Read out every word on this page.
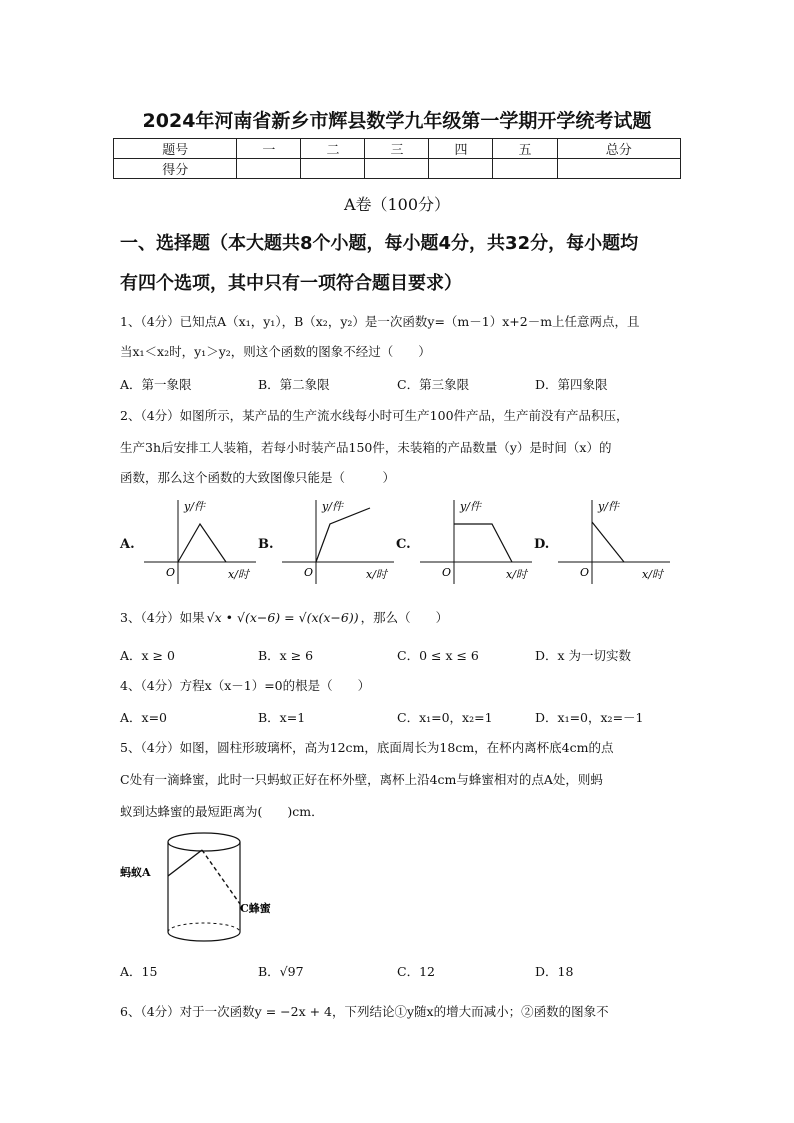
2024年河南省新乡市辉县数学九年级第一学期开学统考试题
题号	一	二	三	四	五	总分
得分						
A卷（100分）
一、选择题（本大题共8个小题，每小题4分，共32分，每小题均
有四个选项，其中只有一项符合题目要求）
1、（4分）已知点A（x₁，y₁），B（x₂，y₂）是一次函数y=（m－1）x+2－m上任意两点，且
当x₁＜x₂时，y₁＞y₂，则这个函数的图象不经过（　　）
A．第一象限	B．第二象限	C．第三象限	D．第四象限
2、（4分）如图所示，某产品的生产流水线每小时可生产100件产品，生产前没有产品积压，
生产3h后安排工人装箱，若每小时装产品150件，未装箱的产品数量（y）是时间（x）的
函数，那么这个函数的大致图像只能是（　　　）
A.
y/件
x/时
O
B.
y/件
x/时
O
C.
y/件
x/时
O
D.
y/件
x/时
O
3、（4分）如果 √x • √(x−6) = √(x(x−6)) ，那么（　　）
A．x ≥ 0	B．x ≥ 6	C．0 ≤ x ≤ 6	D．x 为一切实数
4、（4分）方程x（x－1）=0的根是（　　）
A．x=0	B．x=1	C．x₁=0，x₂=1	D．x₁=0，x₂=－1
5、（4分）如图，圆柱形玻璃杯，高为12cm，底面周长为18cm，在杯内离杯底4cm的点
C处有一滴蜂蜜，此时一只蚂蚁正好在杯外壁，离杯上沿4cm与蜂蜜相对的点A处，则蚂
蚁到达蜂蜜的最短距离为(　　)cm．
蚂蚁A
C蜂蜜
A．15	B．√97	C．12	D．18
6、（4分）对于一次函数y = −2x + 4，下列结论①y随x的增大而减小；②函数的图象不
